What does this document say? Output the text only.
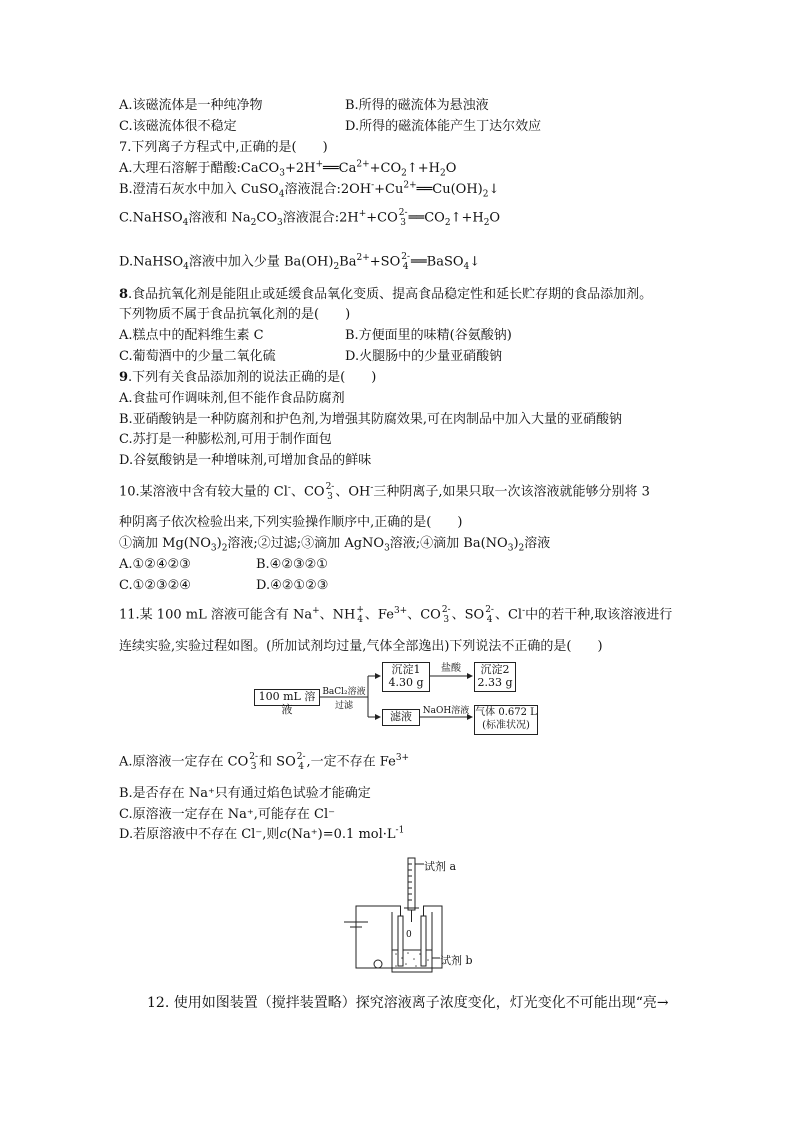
A.该磁流体是一种纯净物	B.所得的磁流体为悬浊液
C.该磁流体很不稳定	D.所得的磁流体能产生丁达尔效应
7.下列离子方程式中,正确的是(　　)
A.大理石溶解于醋酸$:CaCO_3+2H^+══Ca^{2+}+CO_2↑+H_2O$
B.澄清石灰水中加入 CuSO$_4$溶液混合$:2OH^-+Cu^{2+}══Cu(OH)_2↓$
C.NaHSO$_4$溶液和 $Na_2CO_3$溶液混合:2H++CO 2-
3 $══CO_2↑+H_2O$
D.NaHSO$_4$溶液中加入少量 $Ba(OH)_2Ba^{2+}+SO$ 2-
4 ══BaSO$_4$↓
8.食品抗氧化剂是能阻止或延缓食品氧化变质、提高食品稳定性和延长贮存期的食品添加剂。
下列物质不属于食品抗氧化剂的是(　　)
A.糕点中的配料维生素 C	B.方便面里的味精(谷氨酸钠)
C.葡萄酒中的少量二氧化硫	D.火腿肠中的少量亚硝酸钠
9.下列有关食品添加剂的说法正确的是(　　)
A.食盐可作调味剂,但不能作食品防腐剂
B.亚硝酸钠是一种防腐剂和护色剂,为增强其防腐效果,可在肉制品中加入大量的亚硝酸钠
C.苏打是一种膨松剂,可用于制作面包
D.谷氨酸钠是一种增味剂,可增加食品的鲜味
10.某溶液中含有较大量的 Cl-、CO 2-
3 、OH-三种阴离子,如果只取一次该溶液就能够分别将 3
种阴离子依次检验出来,下列实验操作顺序中,正确的是(　　)
①滴加 $Mg(NO_3)_2$溶液;②过滤;③滴加 AgNO$_3$溶液;④滴加 $Ba(NO_3)_2$溶液
A.①②④②③	B.④②③②①
C.①②③②④	D.④②①②③
11.某 100 mL 溶液可能含有 Na+、NH +
4 、$Fe^{3+}$、CO 2-
3 、SO 2-
4 、Cl-中的若干种,取该溶液进行
连续实验,实验过程如图。(所加试剂均过量,气体全部逸出)下列说法不正确的是(　　)
100 mL 溶液
BaCl₂溶液
过滤
沉淀1
4.30 g
盐酸	沉淀2
2.33 g
滤液	NaOH溶液 气体 0.672 L
(标准状况)
A.原溶液一定存在 CO 2-
3 和 SO 2-
4 ,一定不存在 $Fe^{3+}$
B.是否存在 Na⁺只有通过焰色试验才能确定
C.原溶液一定存在 Na⁺,可能存在 Cl⁻
D.若原溶液中不存在 Cl⁻,则c(Na⁺)=0.1 $mol\cdot L^{-1}$
0
试剂 a
试剂 b
12. 使用如图装置（搅拌装置略）探究溶液离子浓度变化，灯光变化不可能出现“亮→
